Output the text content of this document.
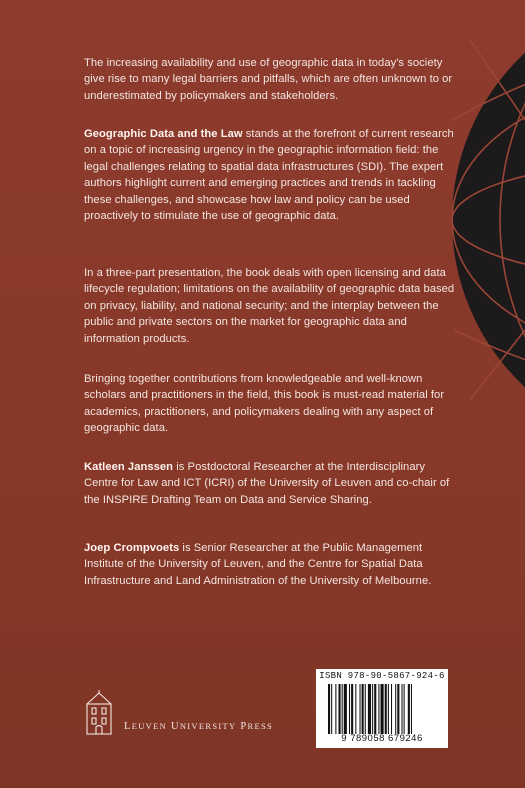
The increasing availability and use of geographic data in today's society give rise to many legal barriers and pitfalls, which are often unknown to or underestimated by policymakers and stakeholders.

Geographic Data and the Law stands at the forefront of current research on a topic of increasing urgency in the geographic information field: the legal challenges relating to spatial data infrastructures (SDI). The expert authors highlight current and emerging practices and trends in tackling these challenges, and showcase how law and policy can be used proactively to stimulate the use of geographic data.

In a three-part presentation, the book deals with open licensing and data lifecycle regulation; limitations on the availability of geographic data based on privacy, liability, and national security; and the interplay between the public and private sectors on the market for geographic data and information products.

Bringing together contributions from knowledgeable and well-known scholars and practitioners in the field, this book is must-read material for academics, practitioners, and policymakers dealing with any aspect of geographic data.

Katleen Janssen is Postdoctoral Researcher at the Interdisciplinary Centre for Law and ICT (ICRI) of the University of Leuven and co-chair of the INSPIRE Drafting Team on Data and Service Sharing.

Joep Crompvoets is Senior Researcher at the Public Management Institute of the University of Leuven, and the Centre for Spatial Data Infrastructure and Land Administration of the University of Melbourne.

LEUVEN UNIVERSITY PRESS
ISBN 978-90-5867-924-6
9 789058 679246
